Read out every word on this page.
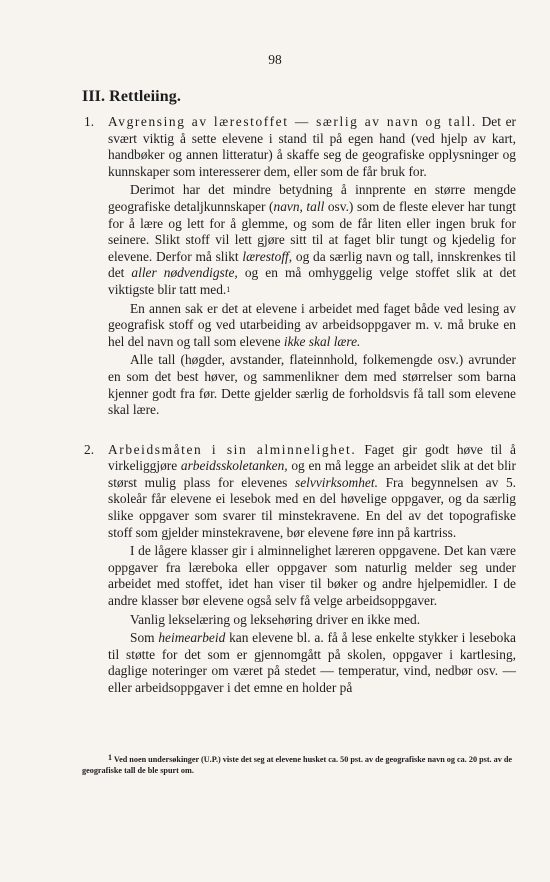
98
III. Rettleiing.
1. Avgrensing av lærestoffet — særlig av navn og tall. Det er svært viktig å sette elevene i stand til på egen hand (ved hjelp av kart, handbøker og annen litteratur) å skaffe seg de geografiske opplysninger og kunnskaper som interesserer dem, eller som de får bruk for.

Derimot har det mindre betydning å innprente en større mengde geografiske detaljkunnskaper (navn, tall osv.) som de fleste elever har tungt for å lære og lett for å glemme, og som de får liten eller ingen bruk for seinere. Slikt stoff vil lett gjøre sitt til at faget blir tungt og kjedelig for elevene. Derfor må slikt lærestoff, og da særlig navn og tall, innskrenkes til det aller nødvendigste, og en må omhyggelig velge stoffet slik at det viktigste blir tatt med.$^1$

En annen sak er det at elevene i arbeidet med faget både ved lesing av geografisk stoff og ved utarbeiding av arbeidsoppgaver m. v. må bruke en hel del navn og tall som elevene ikke skal lære.

Alle tall (høgder, avstander, flateinnhold, folkemengde osv.) avrunder en som det best høver, og sammenlikner dem med størrelser som barna kjenner godt fra før. Dette gjelder særlig de forholdsvis få tall som elevene skal lære.

2. Arbeidsmåten i sin alminnelighet. Faget gir godt høve til å virkeliggjøre arbeidsskoletanken, og en må legge an arbeidet slik at det blir størst mulig plass for elevenes selvvirksomhet. Fra begynnelsen av 5. skoleår får elevene ei lesebok med en del høvelige oppgaver, og da særlig slike oppgaver som svarer til minstekravene. En del av det topografiske stoff som gjelder minstekravene, bør elevene føre inn på kartriss.

I de lågere klasser gir i alminnelighet læreren oppgavene. Det kan være oppgaver fra læreboka eller oppgaver som naturlig melder seg under arbeidet med stoffet, idet han viser til bøker og andre hjelpemidler. I de andre klasser bør elevene også selv få velge arbeidsoppgaver.

Vanlig lekselæring og leksehøring driver en ikke med.

Som heimearbeid kan elevene bl. a. få å lese enkelte stykker i leseboka til støtte for det som er gjennomgått på skolen, oppgaver i kartlesing, daglige noteringer om været på stedet — temperatur, vind, nedbør osv. — eller arbeidsoppgaver i det emne en holder på

$^1$ Ved noen undersøkinger (U.P.) viste det seg at elevene husket ca. 50 pst. av de geografiske navn og ca. 20 pst. av de geografiske tall de ble spurt om.
